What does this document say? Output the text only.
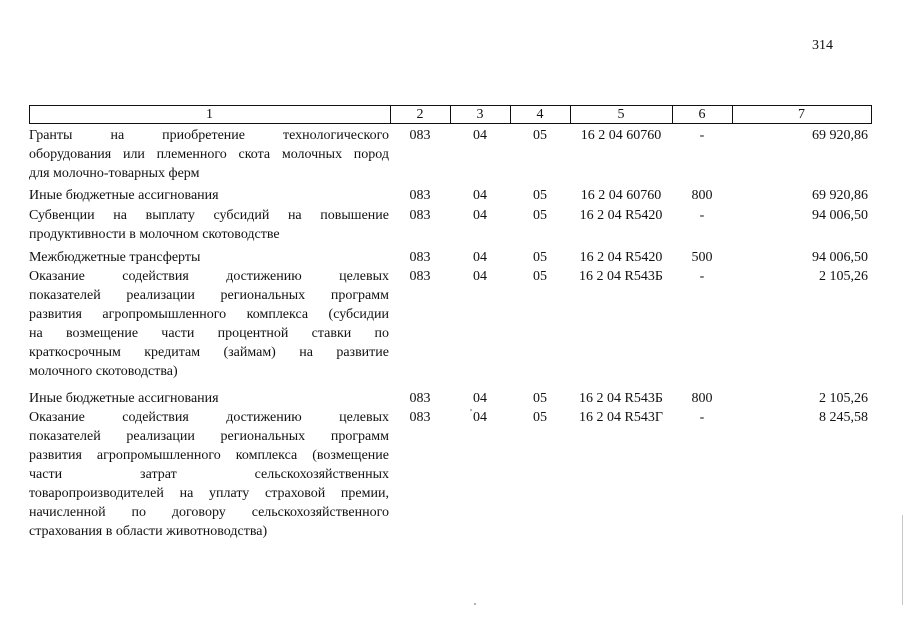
314
1	2	3	4	5	6	7
Гранты на приобретение технологического
оборудования или племенного скота молочных пород
для молочно-товарных ферм
083	04	05	16 2 04 60760	-	69 920,86
Иные бюджетные ассигнования	083	04	05	16 2 04 60760	800	69 920,86
Субвенции на выплату субсидий на повышение
продуктивности в молочном скотоводстве
083	04	05	16 2 04 R5420	-	94 006,50
Межбюджетные трансферты	083	04	05	16 2 04 R5420	500	94 006,50
Оказание содействия достижению целевых
показателей реализации региональных программ
развития агропромышленного комплекса (субсидии
на возмещение части процентной ставки по
краткосрочным кредитам (займам) на развитие
молочного скотоводства)
083	04	05	16 2 04 R543Б	-	2 105,26
Иные бюджетные ассигнования	083	04	05	16 2 04 R543Б	800	2 105,26
Оказание содействия достижению целевых
показателей реализации региональных программ
развития агропромышленного комплекса (возмещение
части затрат сельскохозяйственных
товаропроизводителей на уплату страховой премии,
начисленной по договору сельскохозяйственного
страхования в области животноводства)
083	04	05	16 2 04 R543Г	-	8 245,58
